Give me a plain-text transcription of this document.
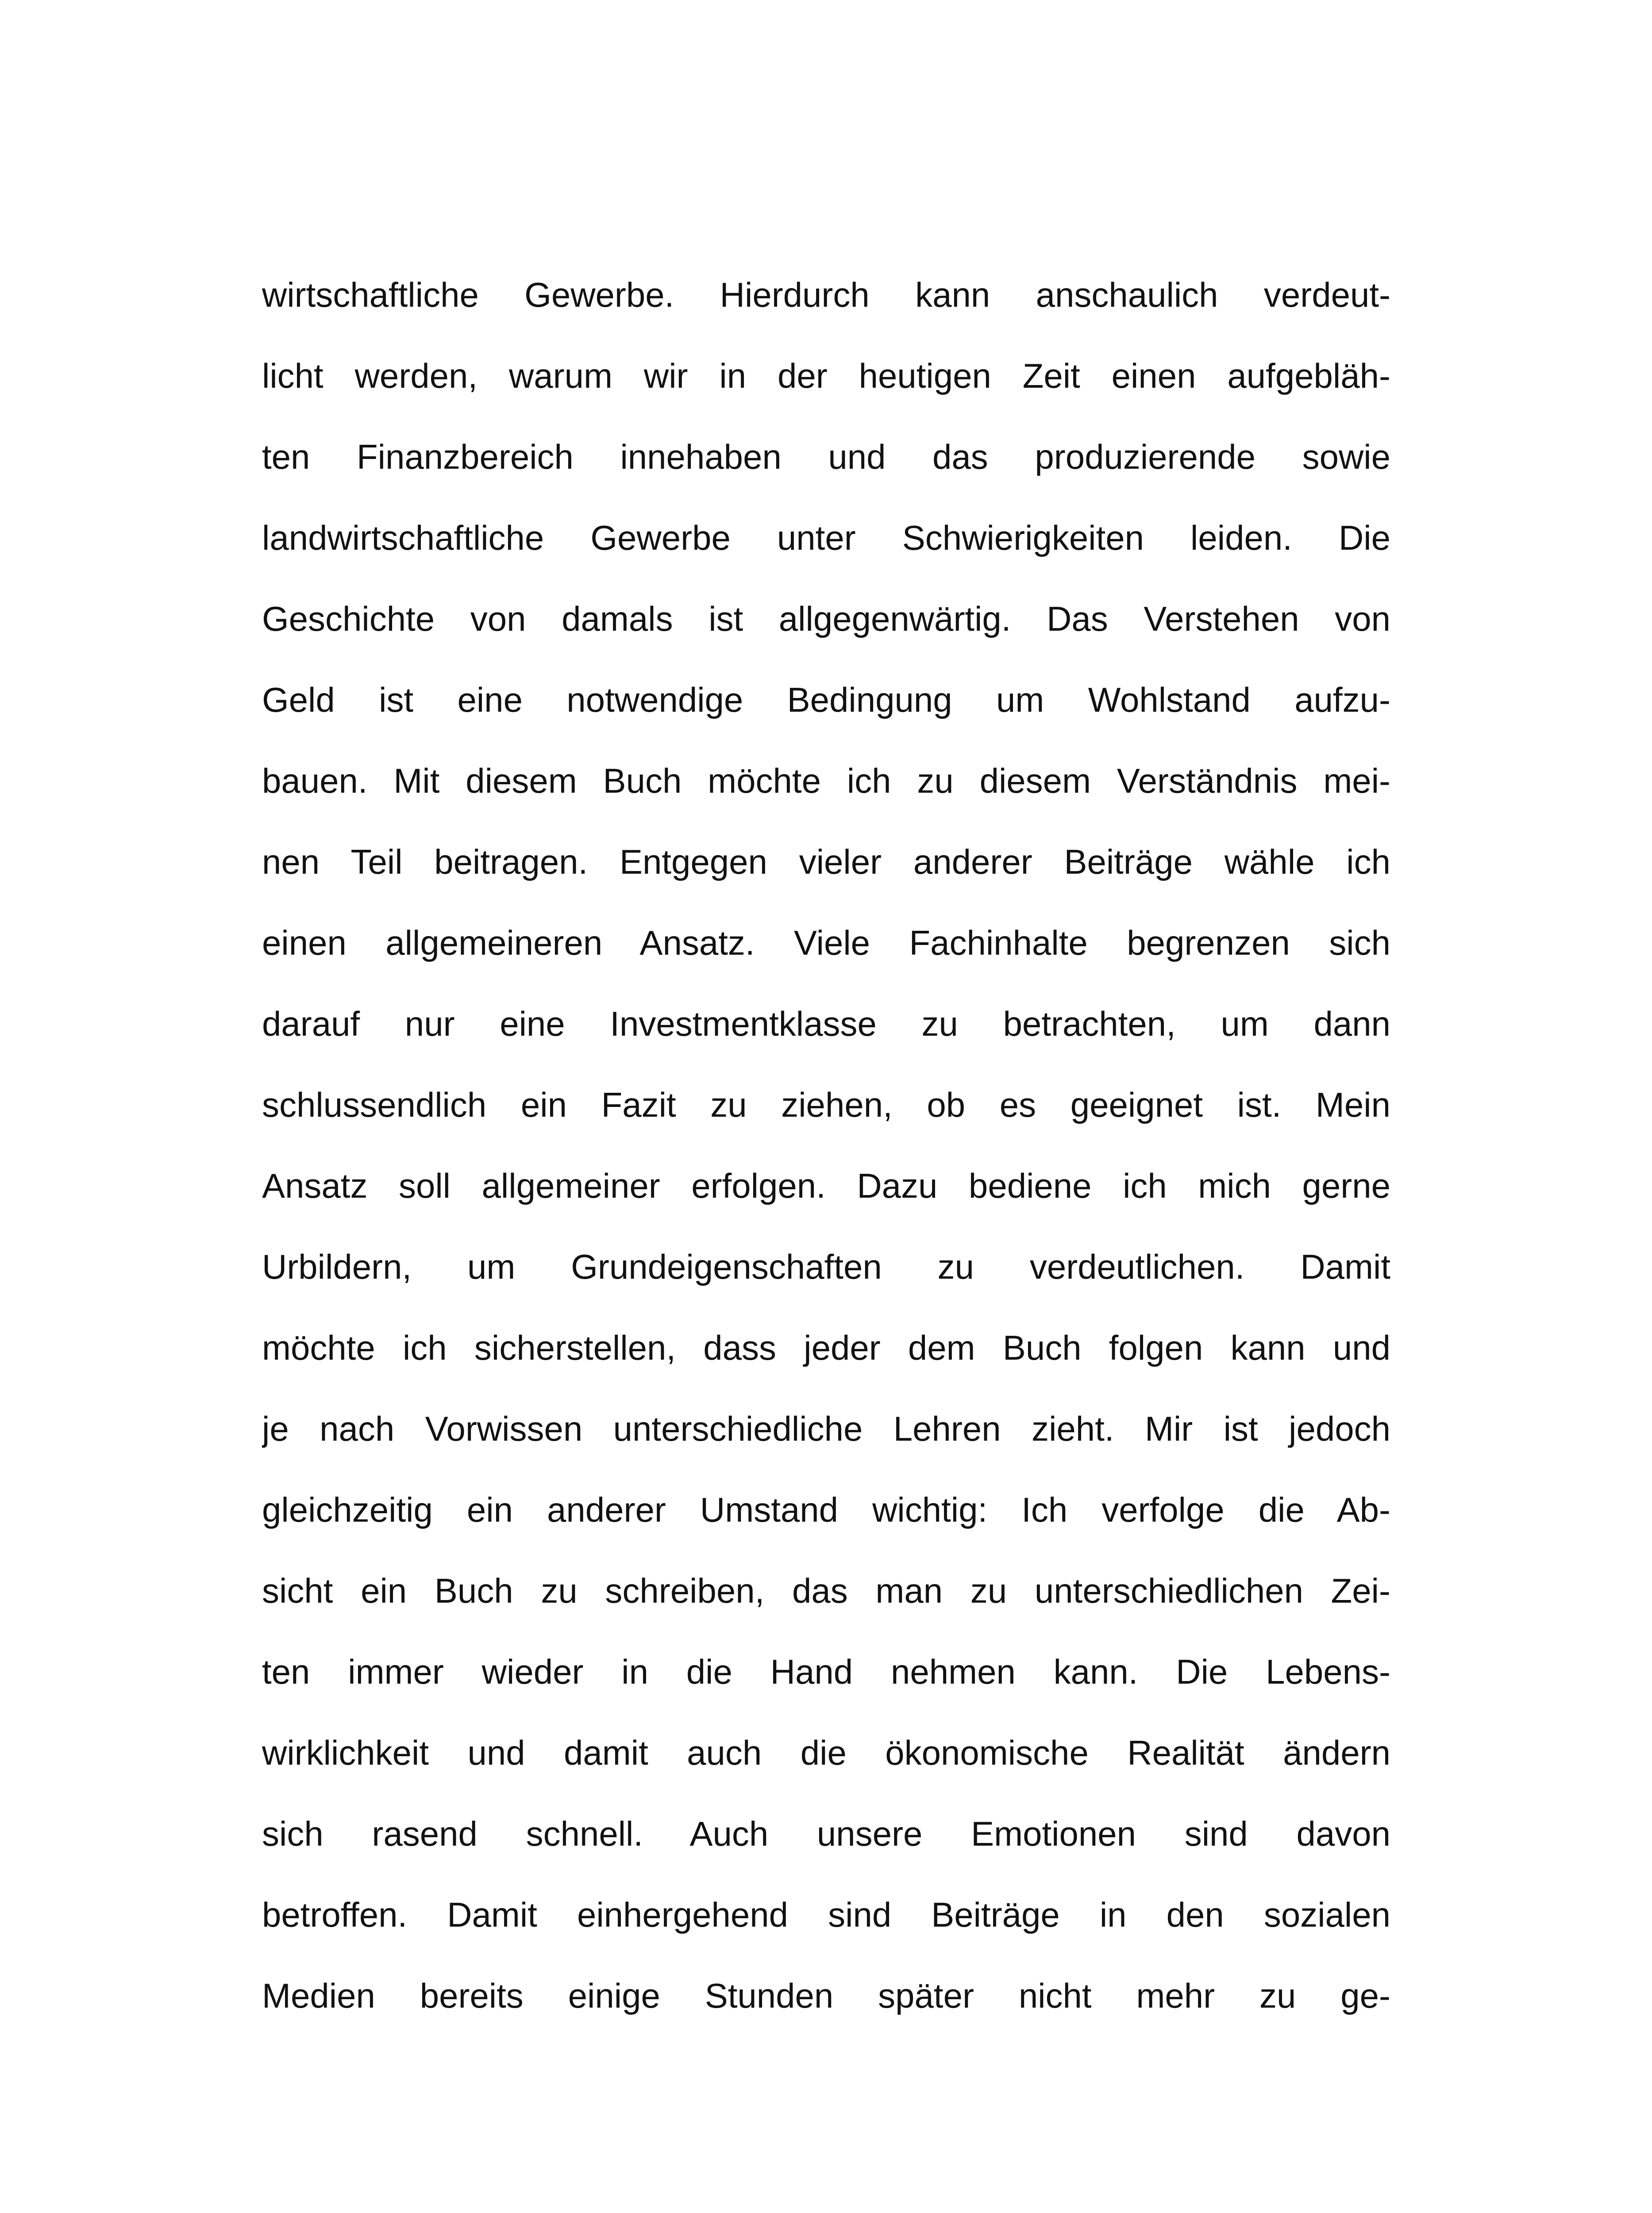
wirtschaftliche Gewerbe. Hierdurch kann anschaulich verdeut-
licht werden, warum wir in der heutigen Zeit einen aufgebläh-
ten Finanzbereich innehaben und das produzierende sowie
landwirtschaftliche Gewerbe unter Schwierigkeiten leiden. Die
Geschichte von damals ist allgegenwärtig. Das Verstehen von
Geld ist eine notwendige Bedingung um Wohlstand aufzu-
bauen. Mit diesem Buch möchte ich zu diesem Verständnis mei-
nen Teil beitragen. Entgegen vieler anderer Beiträge wähle ich
einen allgemeineren Ansatz. Viele Fachinhalte begrenzen sich
darauf nur eine Investmentklasse zu betrachten, um dann
schlussendlich ein Fazit zu ziehen, ob es geeignet ist. Mein
Ansatz soll allgemeiner erfolgen. Dazu bediene ich mich gerne
Urbildern, um Grundeigenschaften zu verdeutlichen. Damit
möchte ich sicherstellen, dass jeder dem Buch folgen kann und
je nach Vorwissen unterschiedliche Lehren zieht. Mir ist jedoch
gleichzeitig ein anderer Umstand wichtig: Ich verfolge die Ab-
sicht ein Buch zu schreiben, das man zu unterschiedlichen Zei-
ten immer wieder in die Hand nehmen kann. Die Lebens-
wirklichkeit und damit auch die ökonomische Realität ändern
sich rasend schnell. Auch unsere Emotionen sind davon
betroffen. Damit einhergehend sind Beiträge in den sozialen
Medien bereits einige Stunden später nicht mehr zu ge-
